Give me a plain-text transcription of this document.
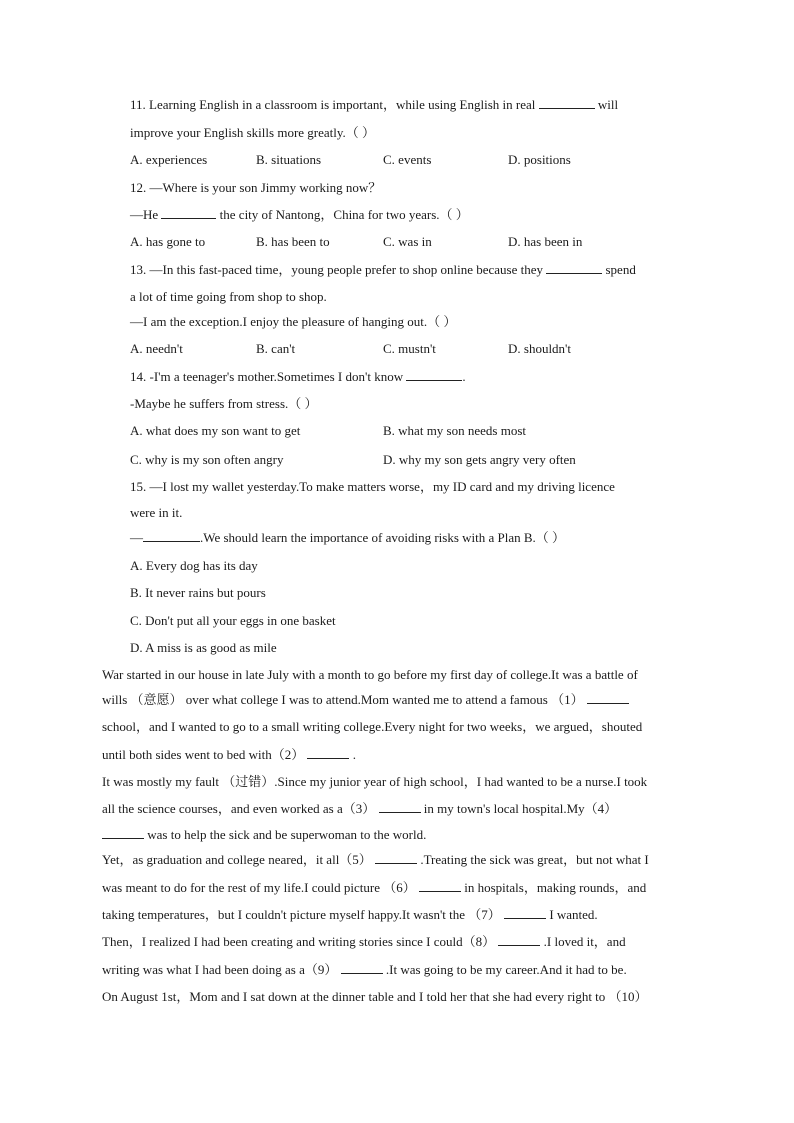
11. Learning English in a classroom is important，while using English in real	will
improve your English skills more greatly.（ ）
A. experiences	B. situations	C. events	D. positions
12. —Where is your son Jimmy working now？
—He	the city of Nantong，China for two years.（ ）
A. has gone to	B. has been to	C. was in	D. has been in
13. —In this fast-paced time，young people prefer to shop online because they	spend
a lot of time going from shop to shop.
—I am the exception.I enjoy the pleasure of hanging out.（ ）
A. needn't	B. can't	C. mustn't	D. shouldn't
14. -I'm a teenager's mother.Sometimes I don't know	.
-Maybe he suffers from stress.（ ）
A. what does my son want to get	B. what my son needs most
C. why is my son often angry	D. why my son gets angry very often
15. —I lost my wallet yesterday.To make matters worse，my ID card and my driving licence
were in it.
—	.We should learn the importance of avoiding risks with a Plan B.（ ）
A. Every dog has its day
B. It never rains but pours
C. Don't put all your eggs in one basket
D. A miss is as good as mile
War started in our house in late July with a month to go before my first day of college.It was a battle of
wills （意愿） over what college I was to attend.Mom wanted me to attend a famous （1）
school，and I wanted to go to a small writing college.Every night for two weeks，we argued，shouted
until both sides went to bed with（2）	.
It was mostly my fault （过错）.Since my junior year of high school，I had wanted to be a nurse.I took
all the science courses，and even worked as a（3）	in my town's local hospital.My（4）
was to help the sick and be superwoman to the world.
Yet，as graduation and college neared，it all（5）	.Treating the sick was great，but not what I
was meant to do for the rest of my life.I could picture （6）	in hospitals，making rounds，and
taking temperatures，but I couldn't picture myself happy.It wasn't the （7）	I wanted.
Then，I realized I had been creating and writing stories since I could（8）	.I loved it，and
writing was what I had been doing as a（9）	.It was going to be my career.And it had to be.
On August 1st，Mom and I sat down at the dinner table and I told her that she had every right to （10）
